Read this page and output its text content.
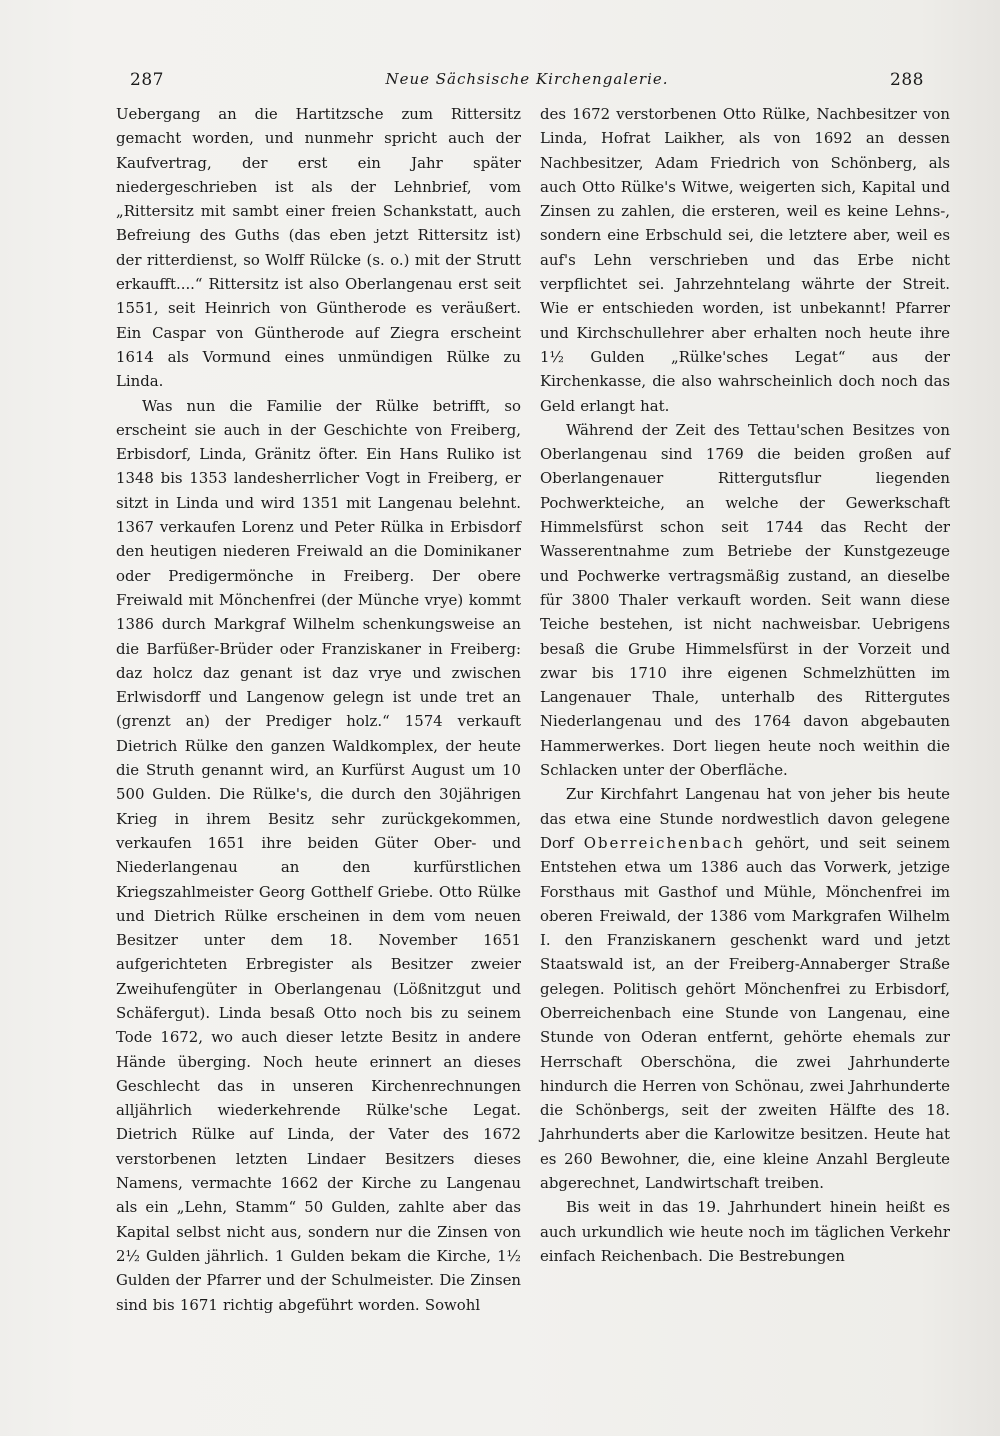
287	Neue Sächsische Kirchengalerie.	288

Uebergang an die Hartitzsche zum Rittersitz gemacht worden, und nunmehr spricht auch der Kaufvertrag, der erst ein Jahr später niedergeschrieben ist als der Lehnbrief, vom „Rittersitz mit sambt einer freien Schankstatt, auch Befreiung des Guths (das eben jetzt Rittersitz ist) der ritterdienst, so Wolff Rülcke (s. o.) mit der Strutt erkaufft....“ Rittersitz ist also Oberlangenau erst seit 1551, seit Heinrich von Güntherode es veräußert. Ein Caspar von Güntherode auf Ziegra erscheint 1614 als Vormund eines unmündigen Rülke zu Linda.

Was nun die Familie der Rülke betrifft, so erscheint sie auch in der Geschichte von Freiberg, Erbisdorf, Linda, Gränitz öfter. Ein Hans Ruliko ist 1348 bis 1353 landesherrlicher Vogt in Freiberg, er sitzt in Linda und wird 1351 mit Langenau belehnt. 1367 verkaufen Lorenz und Peter Rülka in Erbisdorf den heutigen niederen Freiwald an die Dominikaner oder Predigermönche in Freiberg. Der obere Freiwald mit Mönchenfrei (der Münche vrye) kommt 1386 durch Markgraf Wilhelm schenkungsweise an die Barfüßer-Brüder oder Franziskaner in Freiberg: daz holcz daz genant ist daz vrye und zwischen Erlwisdorff und Langenow gelegn ist unde tret an (grenzt an) der Prediger holz.“ 1574 verkauft Dietrich Rülke den ganzen Waldkomplex, der heute die Struth genannt wird, an Kurfürst August um 10 500 Gulden. Die Rülke's, die durch den 30jährigen Krieg in ihrem Besitz sehr zurückgekommen, verkaufen 1651 ihre beiden Güter Ober- und Niederlangenau an den kurfürstlichen Kriegszahlmeister Georg Gotthelf Griebe. Otto Rülke und Dietrich Rülke erscheinen in dem vom neuen Besitzer unter dem 18. November 1651 aufgerichteten Erbregister als Besitzer zweier Zweihufengüter in Oberlangenau (Lößnitzgut und Schäfergut). Linda besaß Otto noch bis zu seinem Tode 1672, wo auch dieser letzte Besitz in andere Hände überging. Noch heute erinnert an dieses Geschlecht das in unseren Kirchenrechnungen alljährlich wiederkehrende Rülke'sche Legat. Dietrich Rülke auf Linda, der Vater des 1672 verstorbenen letzten Lindaer Besitzers dieses Namens, vermachte 1662 der Kirche zu Langenau als ein „Lehn, Stamm“ 50 Gulden, zahlte aber das Kapital selbst nicht aus, sondern nur die Zinsen von 2½ Gulden jährlich. 1 Gulden bekam die Kirche, 1½ Gulden der Pfarrer und der Schulmeister. Die Zinsen sind bis 1671 richtig abgeführt worden. Sowohl

des 1672 verstorbenen Otto Rülke, Nachbesitzer von Linda, Hofrat Laikher, als von 1692 an dessen Nachbesitzer, Adam Friedrich von Schönberg, als auch Otto Rülke's Witwe, weigerten sich, Kapital und Zinsen zu zahlen, die ersteren, weil es keine Lehns-, sondern eine Erbschuld sei, die letztere aber, weil es auf's Lehn verschrieben und das Erbe nicht verpflichtet sei. Jahrzehntelang währte der Streit. Wie er entschieden worden, ist unbekannt! Pfarrer und Kirchschullehrer aber erhalten noch heute ihre 1½ Gulden „Rülke'sches Legat“ aus der Kirchenkasse, die also wahrscheinlich doch noch das Geld erlangt hat.

Während der Zeit des Tettau'schen Besitzes von Oberlangenau sind 1769 die beiden großen auf Oberlangenauer Rittergutsflur liegenden Pochwerkteiche, an welche der Gewerkschaft Himmelsfürst schon seit 1744 das Recht der Wasserentnahme zum Betriebe der Kunstgezeuge und Pochwerke vertragsmäßig zustand, an dieselbe für 3800 Thaler verkauft worden. Seit wann diese Teiche bestehen, ist nicht nachweisbar. Uebrigens besaß die Grube Himmelsfürst in der Vorzeit und zwar bis 1710 ihre eigenen Schmelzhütten im Langenauer Thale, unterhalb des Rittergutes Niederlangenau und des 1764 davon abgebauten Hammerwerkes. Dort liegen heute noch weithin die Schlacken unter der Oberfläche.

Zur Kirchfahrt Langenau hat von jeher bis heute das etwa eine Stunde nordwestlich davon gelegene Dorf Oberreichenbach gehört, und seit seinem Entstehen etwa um 1386 auch das Vorwerk, jetzige Forsthaus mit Gasthof und Mühle, Mönchenfrei im oberen Freiwald, der 1386 vom Markgrafen Wilhelm I. den Franziskanern geschenkt ward und jetzt Staatswald ist, an der Freiberg-Annaberger Straße gelegen. Politisch gehört Mönchenfrei zu Erbisdorf, Oberreichenbach eine Stunde von Langenau, eine Stunde von Oderan entfernt, gehörte ehemals zur Herrschaft Oberschöna, die zwei Jahrhunderte hindurch die Herren von Schönau, zwei Jahrhunderte die Schönbergs, seit der zweiten Hälfte des 18. Jahrhunderts aber die Karlowitze besitzen. Heute hat es 260 Bewohner, die, eine kleine Anzahl Bergleute abgerechnet, Landwirtschaft treiben.

Bis weit in das 19. Jahrhundert hinein heißt es auch urkundlich wie heute noch im täglichen Verkehr einfach Reichenbach. Die Bestrebungen
